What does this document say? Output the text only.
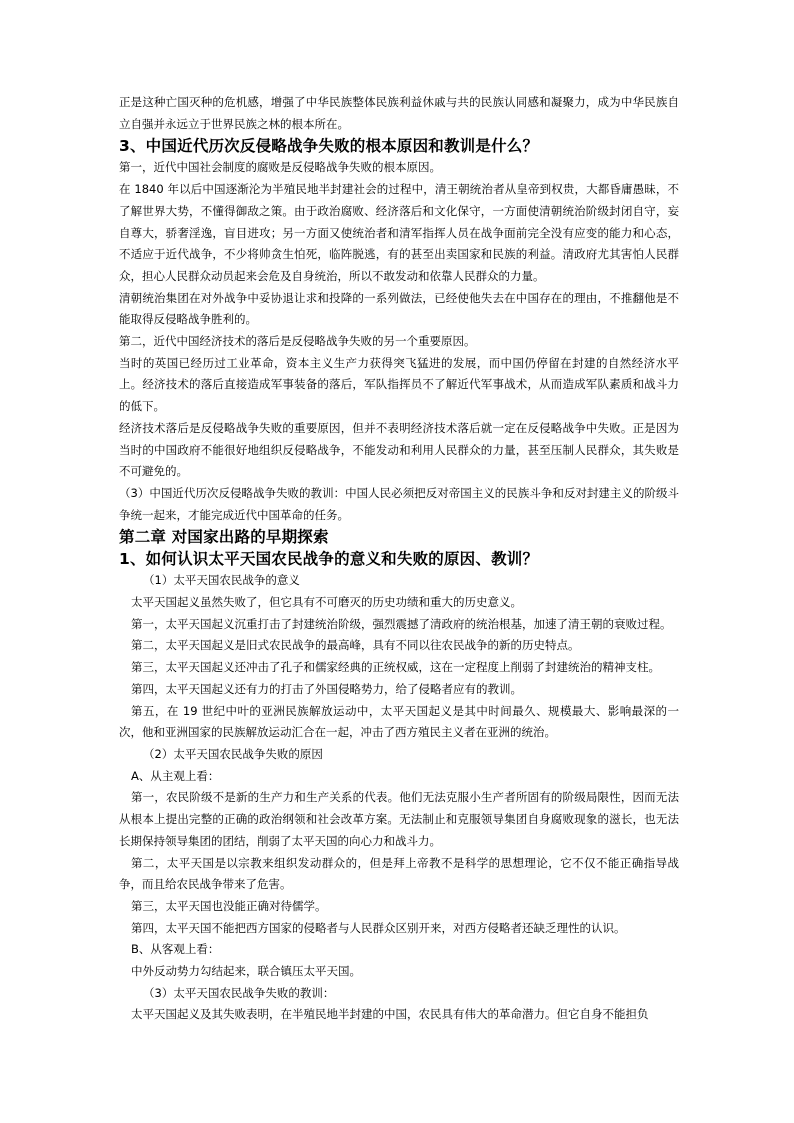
正是这种亡国灭种的危机感，增强了中华民族整体民族利益休戚与共的民族认同感和凝聚力，成为中华民族自立自强并永远立于世界民族之林的根本所在。

3、中国近代历次反侵略战争失败的根本原因和教训是什么？

第一，近代中国社会制度的腐败是反侵略战争失败的根本原因。

在 1840 年以后中国逐渐沦为半殖民地半封建社会的过程中，清王朝统治者从皇帝到权贵，大都昏庸愚昧，不了解世界大势，不懂得御敌之策。由于政治腐败、经济落后和文化保守，一方面使清朝统治阶级封闭自守，妄自尊大，骄奢淫逸，盲目进攻；另一方面又使统治者和清军指挥人员在战争面前完全没有应变的能力和心态，不适应于近代战争，不少将帅贪生怕死，临阵脱逃，有的甚至出卖国家和民族的利益。清政府尤其害怕人民群众，担心人民群众动员起来会危及自身统治，所以不敢发动和依靠人民群众的力量。

清朝统治集团在对外战争中妥协退让求和投降的一系列做法，已经使他失去在中国存在的理由，不推翻他是不能取得反侵略战争胜利的。

第二，近代中国经济技术的落后是反侵略战争失败的另一个重要原因。

当时的英国已经历过工业革命，资本主义生产力获得突飞猛进的发展，而中国仍停留在封建的自然经济水平上。经济技术的落后直接造成军事装备的落后，军队指挥员不了解近代军事战术，从而造成军队素质和战斗力的低下。

经济技术落后是反侵略战争失败的重要原因，但并不表明经济技术落后就一定在反侵略战争中失败。正是因为当时的中国政府不能很好地组织反侵略战争，不能发动和利用人民群众的力量，甚至压制人民群众，其失败是不可避免的。

（3）中国近代历次反侵略战争失败的教训：中国人民必须把反对帝国主义的民族斗争和反对封建主义的阶级斗争统一起来，才能完成近代中国革命的任务。

第二章 对国家出路的早期探索

1、如何认识太平天国农民战争的意义和失败的原因、教训？

（1）太平天国农民战争的意义

太平天国起义虽然失败了，但它具有不可磨灭的历史功绩和重大的历史意义。

第一，太平天国起义沉重打击了封建统治阶级，强烈震撼了清政府的统治根基，加速了清王朝的衰败过程。

第二，太平天国起义是旧式农民战争的最高峰，具有不同以往农民战争的新的历史特点。

第三，太平天国起义还冲击了孔子和儒家经典的正统权威，这在一定程度上削弱了封建统治的精神支柱。

第四，太平天国起义还有力的打击了外国侵略势力，给了侵略者应有的教训。

第五，在 19 世纪中叶的亚洲民族解放运动中，太平天国起义是其中时间最久、规模最大、影响最深的一次，他和亚洲国家的民族解放运动汇合在一起，冲击了西方殖民主义者在亚洲的统治。

（2）太平天国农民战争失败的原因

A、从主观上看：

第一，农民阶级不是新的生产力和生产关系的代表。他们无法克服小生产者所固有的阶级局限性，因而无法从根本上提出完整的正确的政治纲领和社会改革方案。无法制止和克服领导集团自身腐败现象的滋长，也无法长期保持领导集团的团结，削弱了太平天国的向心力和战斗力。

第二，太平天国是以宗教来组织发动群众的，但是拜上帝教不是科学的思想理论，它不仅不能正确指导战争，而且给农民战争带来了危害。

第三，太平天国也没能正确对待儒学。

第四，太平天国不能把西方国家的侵略者与人民群众区别开来，对西方侵略者还缺乏理性的认识。

B、从客观上看：

中外反动势力勾结起来，联合镇压太平天国。

（3）太平天国农民战争失败的教训：

太平天国起义及其失败表明，在半殖民地半封建的中国，农民具有伟大的革命潜力。但它自身不能担负
